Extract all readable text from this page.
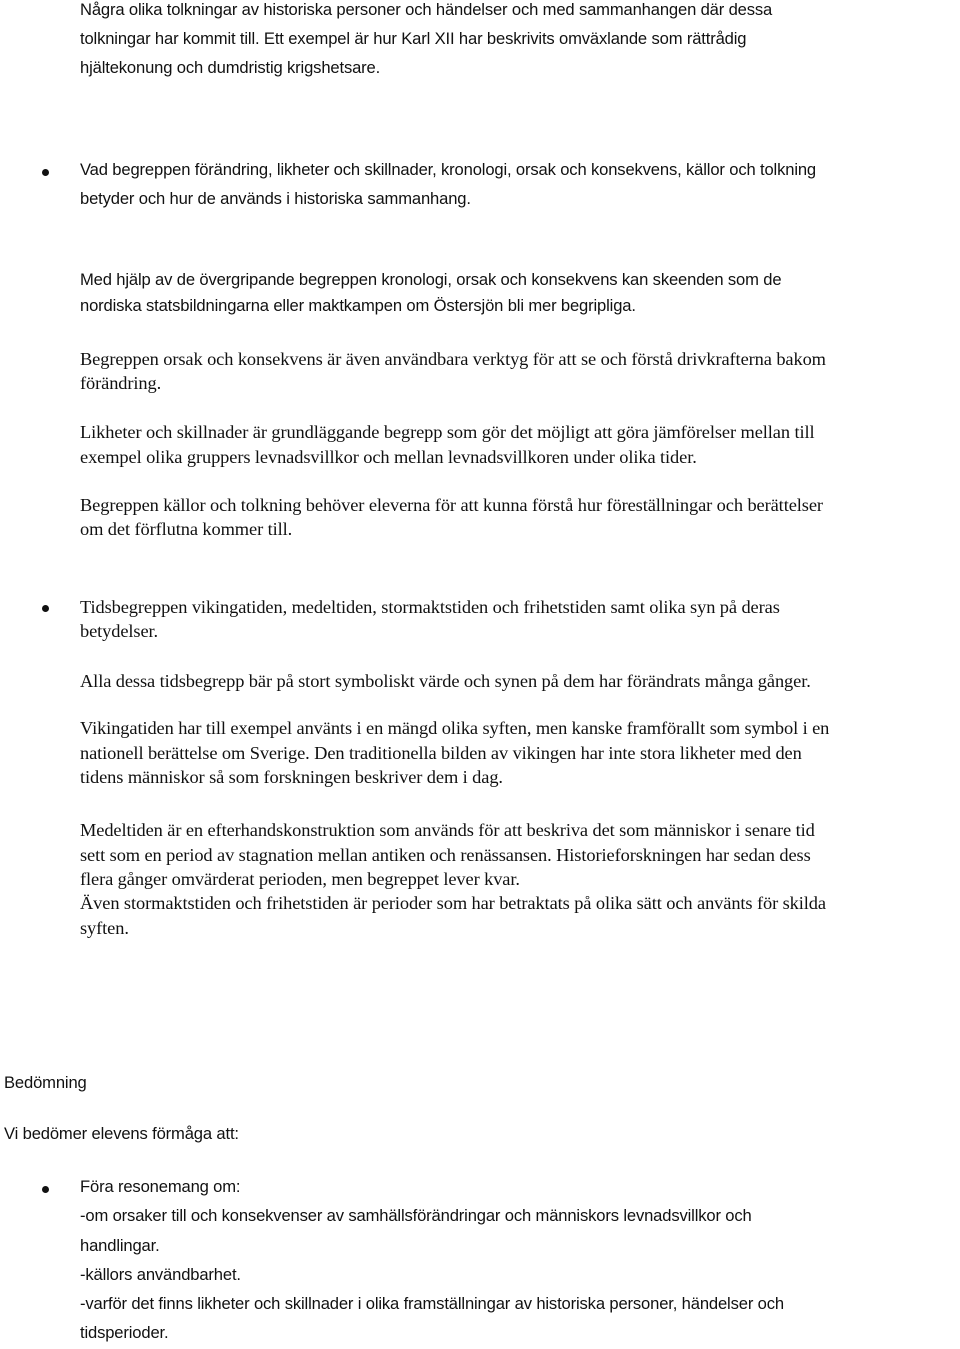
Några olika tolkningar av historiska personer och händelser och med sammanhangen där dessa

tolkningar har kommit till. Ett exempel är hur Karl XII har beskrivits omväxlande som rättrådig

hjältekonung och dumdristig krigshetsare.

Vad begreppen förändring, likheter och skillnader, kronologi, orsak och konsekvens, källor och tolkning

betyder och hur de används i historiska sammanhang.

Med hjälp av de övergripande begreppen kronologi, orsak och konsekvens kan skeenden som de

nordiska statsbildningarna eller maktkampen om Östersjön bli mer begripliga.

Begreppen orsak och konsekvens är även användbara verktyg för att se och förstå drivkrafterna bakom

förändring.

Likheter och skillnader är grundläggande begrepp som gör det möjligt att göra jämförelser mellan till

exempel olika gruppers levnadsvillkor och mellan levnadsvillkoren under olika tider.

Begreppen källor och tolkning behöver eleverna för att kunna förstå hur föreställningar och berättelser

om det förflutna kommer till.

Tidsbegreppen vikingatiden, medeltiden, stormaktstiden och frihetstiden samt olika syn på deras

betydelser.

Alla dessa tidsbegrepp bär på stort symboliskt värde och synen på dem har förändrats många gånger.

Vikingatiden har till exempel använts i en mängd olika syften, men kanske framförallt som symbol i en

nationell berättelse om Sverige. Den traditionella bilden av vikingen har inte stora likheter med den

tidens människor så som forskningen beskriver dem i dag.

Medeltiden är en efterhandskonstruktion som används för att beskriva det som människor i senare tid

sett som en period av stagnation mellan antiken och renässansen. Historieforskningen har sedan dess

flera gånger omvärderat perioden, men begreppet lever kvar.

Även stormaktstiden och frihetstiden är perioder som har betraktats på olika sätt och använts för skilda

syften.

Bedömning

Vi bedömer elevens förmåga att:

Föra resonemang om:

-om orsaker till och konsekvenser av samhällsförändringar och människors levnadsvillkor och

handlingar.

-källors användbarhet.

-varför det finns likheter och skillnader i olika framställningar av historiska personer, händelser och

tidsperioder.
